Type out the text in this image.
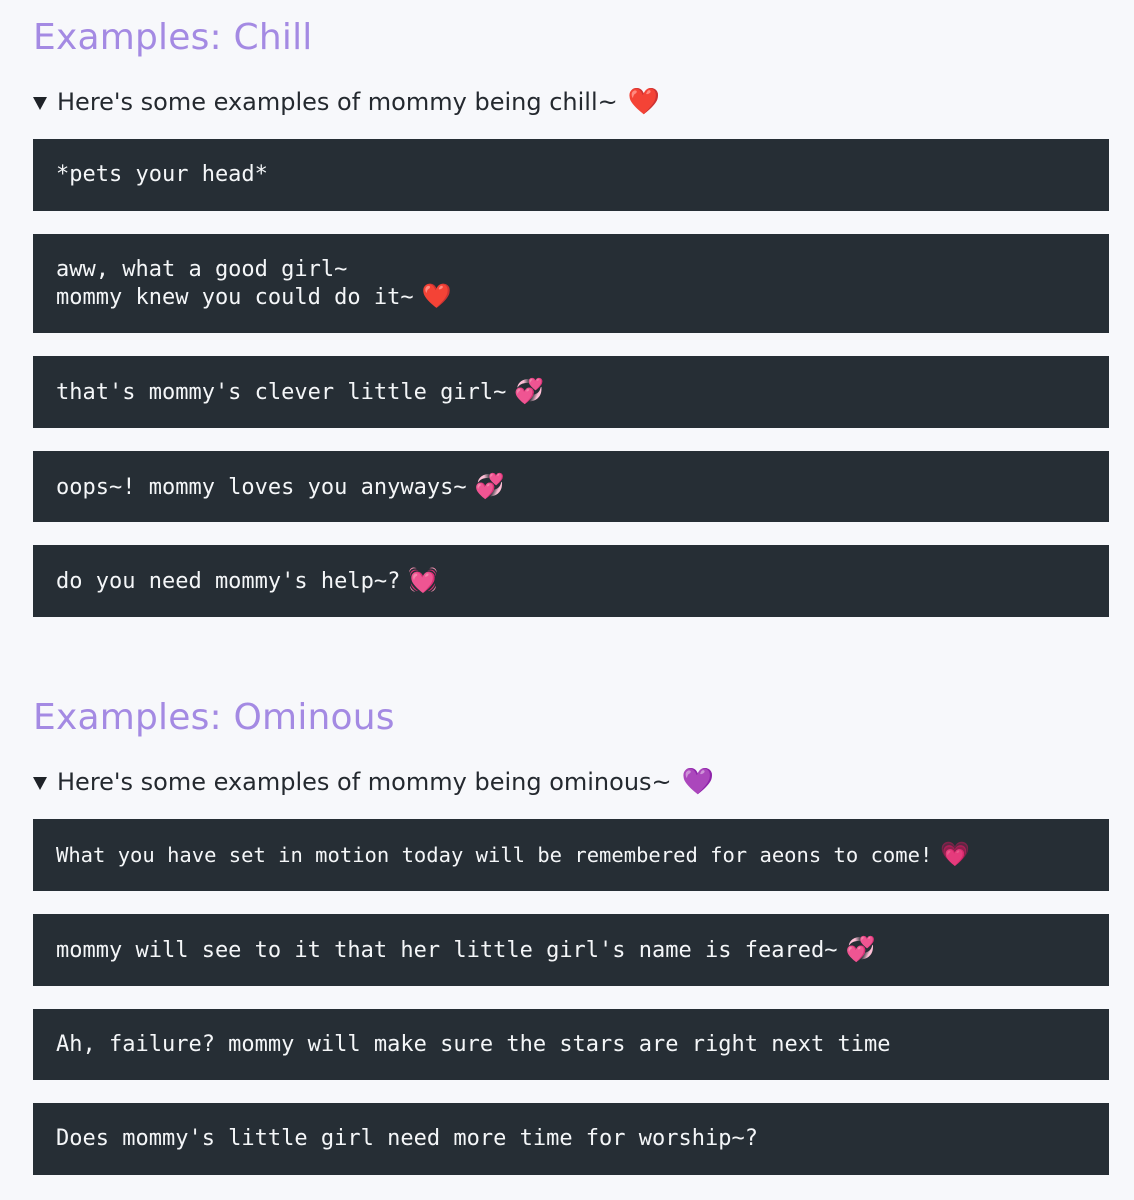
Examples: Chill
Here's some examples of mommy being chill~ ❤️
*pets your head*
aww, what a good girl~
mommy knew you could do it~ ❤️
that's mommy's clever little girl~ 💞
oops~! mommy loves you anyways~ 💞
do you need mommy's help~? 💓
Examples: Ominous
Here's some examples of mommy being ominous~ 💜
What you have set in motion today will be remembered for aeons to come! 💗
mommy will see to it that her little girl's name is feared~ 💞
Ah, failure? mommy will make sure the stars are right next time
Does mommy's little girl need more time for worship~?
